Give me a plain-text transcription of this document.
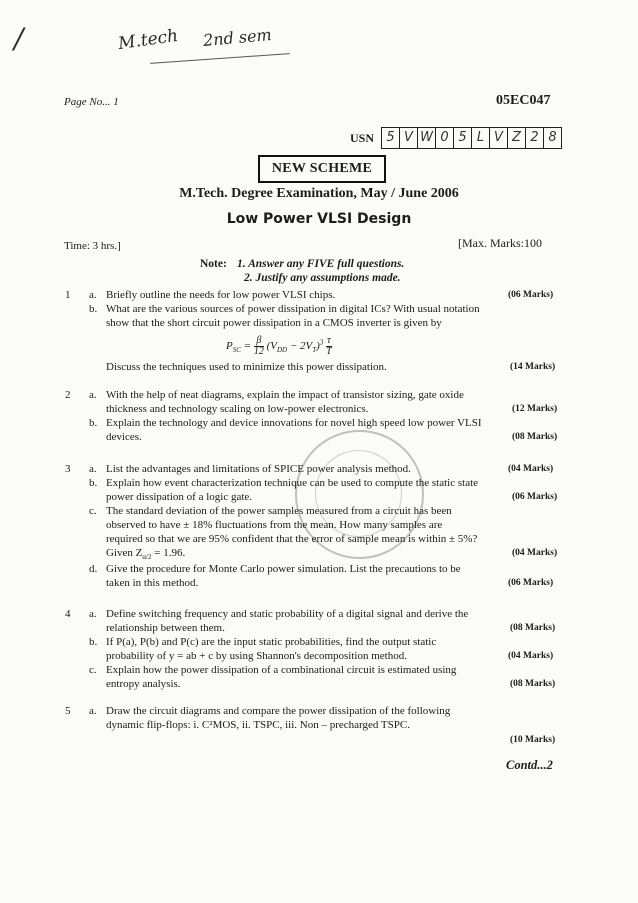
/	M.tech 2nd sem
Page No... 1	05EC047
USN 5 V W 0 5 L V Z 2 8
NEW SCHEME
M.Tech. Degree Examination, May / June 2006
Low Power VLSI Design
Time: 3 hrs.]	[Max. Marks:100
Note: 1. Answer any FIVE full questions.
2. Justify any assumptions made.
1 a. Briefly outline the needs for low power VLSI chips.	(06 Marks)
b. What are the various sources of power dissipation in digital ICs? With usual notation
show that the short circuit power dissipation in a CMOS inverter is given by
$P_{SC} = \frac{\beta}{12} (V_{DD} - 2V_T)^3 \frac{\tau}{T}$
Discuss the techniques used to minimize this power dissipation.	(14 Marks)
2 a. With the help of neat diagrams, explain the impact of transistor sizing, gate oxide
thickness and technology scaling on low-power electronics.	(12 Marks)
b. Explain the technology and device innovations for novel high speed low power VLSI
devices.	(08 Marks)
3 a. List the advantages and limitations of SPICE power analysis method.	(04 Marks)
b. Explain how event characterization technique can be used to compute the static state
power dissipation of a logic gate.	(06 Marks)
c. The standard deviation of the power samples measured from a circuit has been
observed to have ± 18% fluctuations from the mean. How many samples are
required so that we are 95% confident that the error of sample mean is within ± 5%?
Given $Z_{\alpha/2} = 1.96$.	(04 Marks)
d. Give the procedure for Monte Carlo power simulation. List the precautions to be
taken in this method.	(06 Marks)
4 a. Define switching frequency and static probability of a digital signal and derive the
relationship between them.	(08 Marks)
b. If P(a), P(b) and P(c) are the input static probabilities, find the output static
probability of y = ab + c by using Shannon's decomposition method.	(04 Marks)
c. Explain how the power dissipation of a combinational circuit is estimated using
entropy analysis.	(08 Marks)
5 a. Draw the circuit diagrams and compare the power dissipation of the following
dynamic flip-flops: i. C²MOS, ii. TSPC, iii. Non – precharged TSPC.
(10 Marks)
Contd...2
